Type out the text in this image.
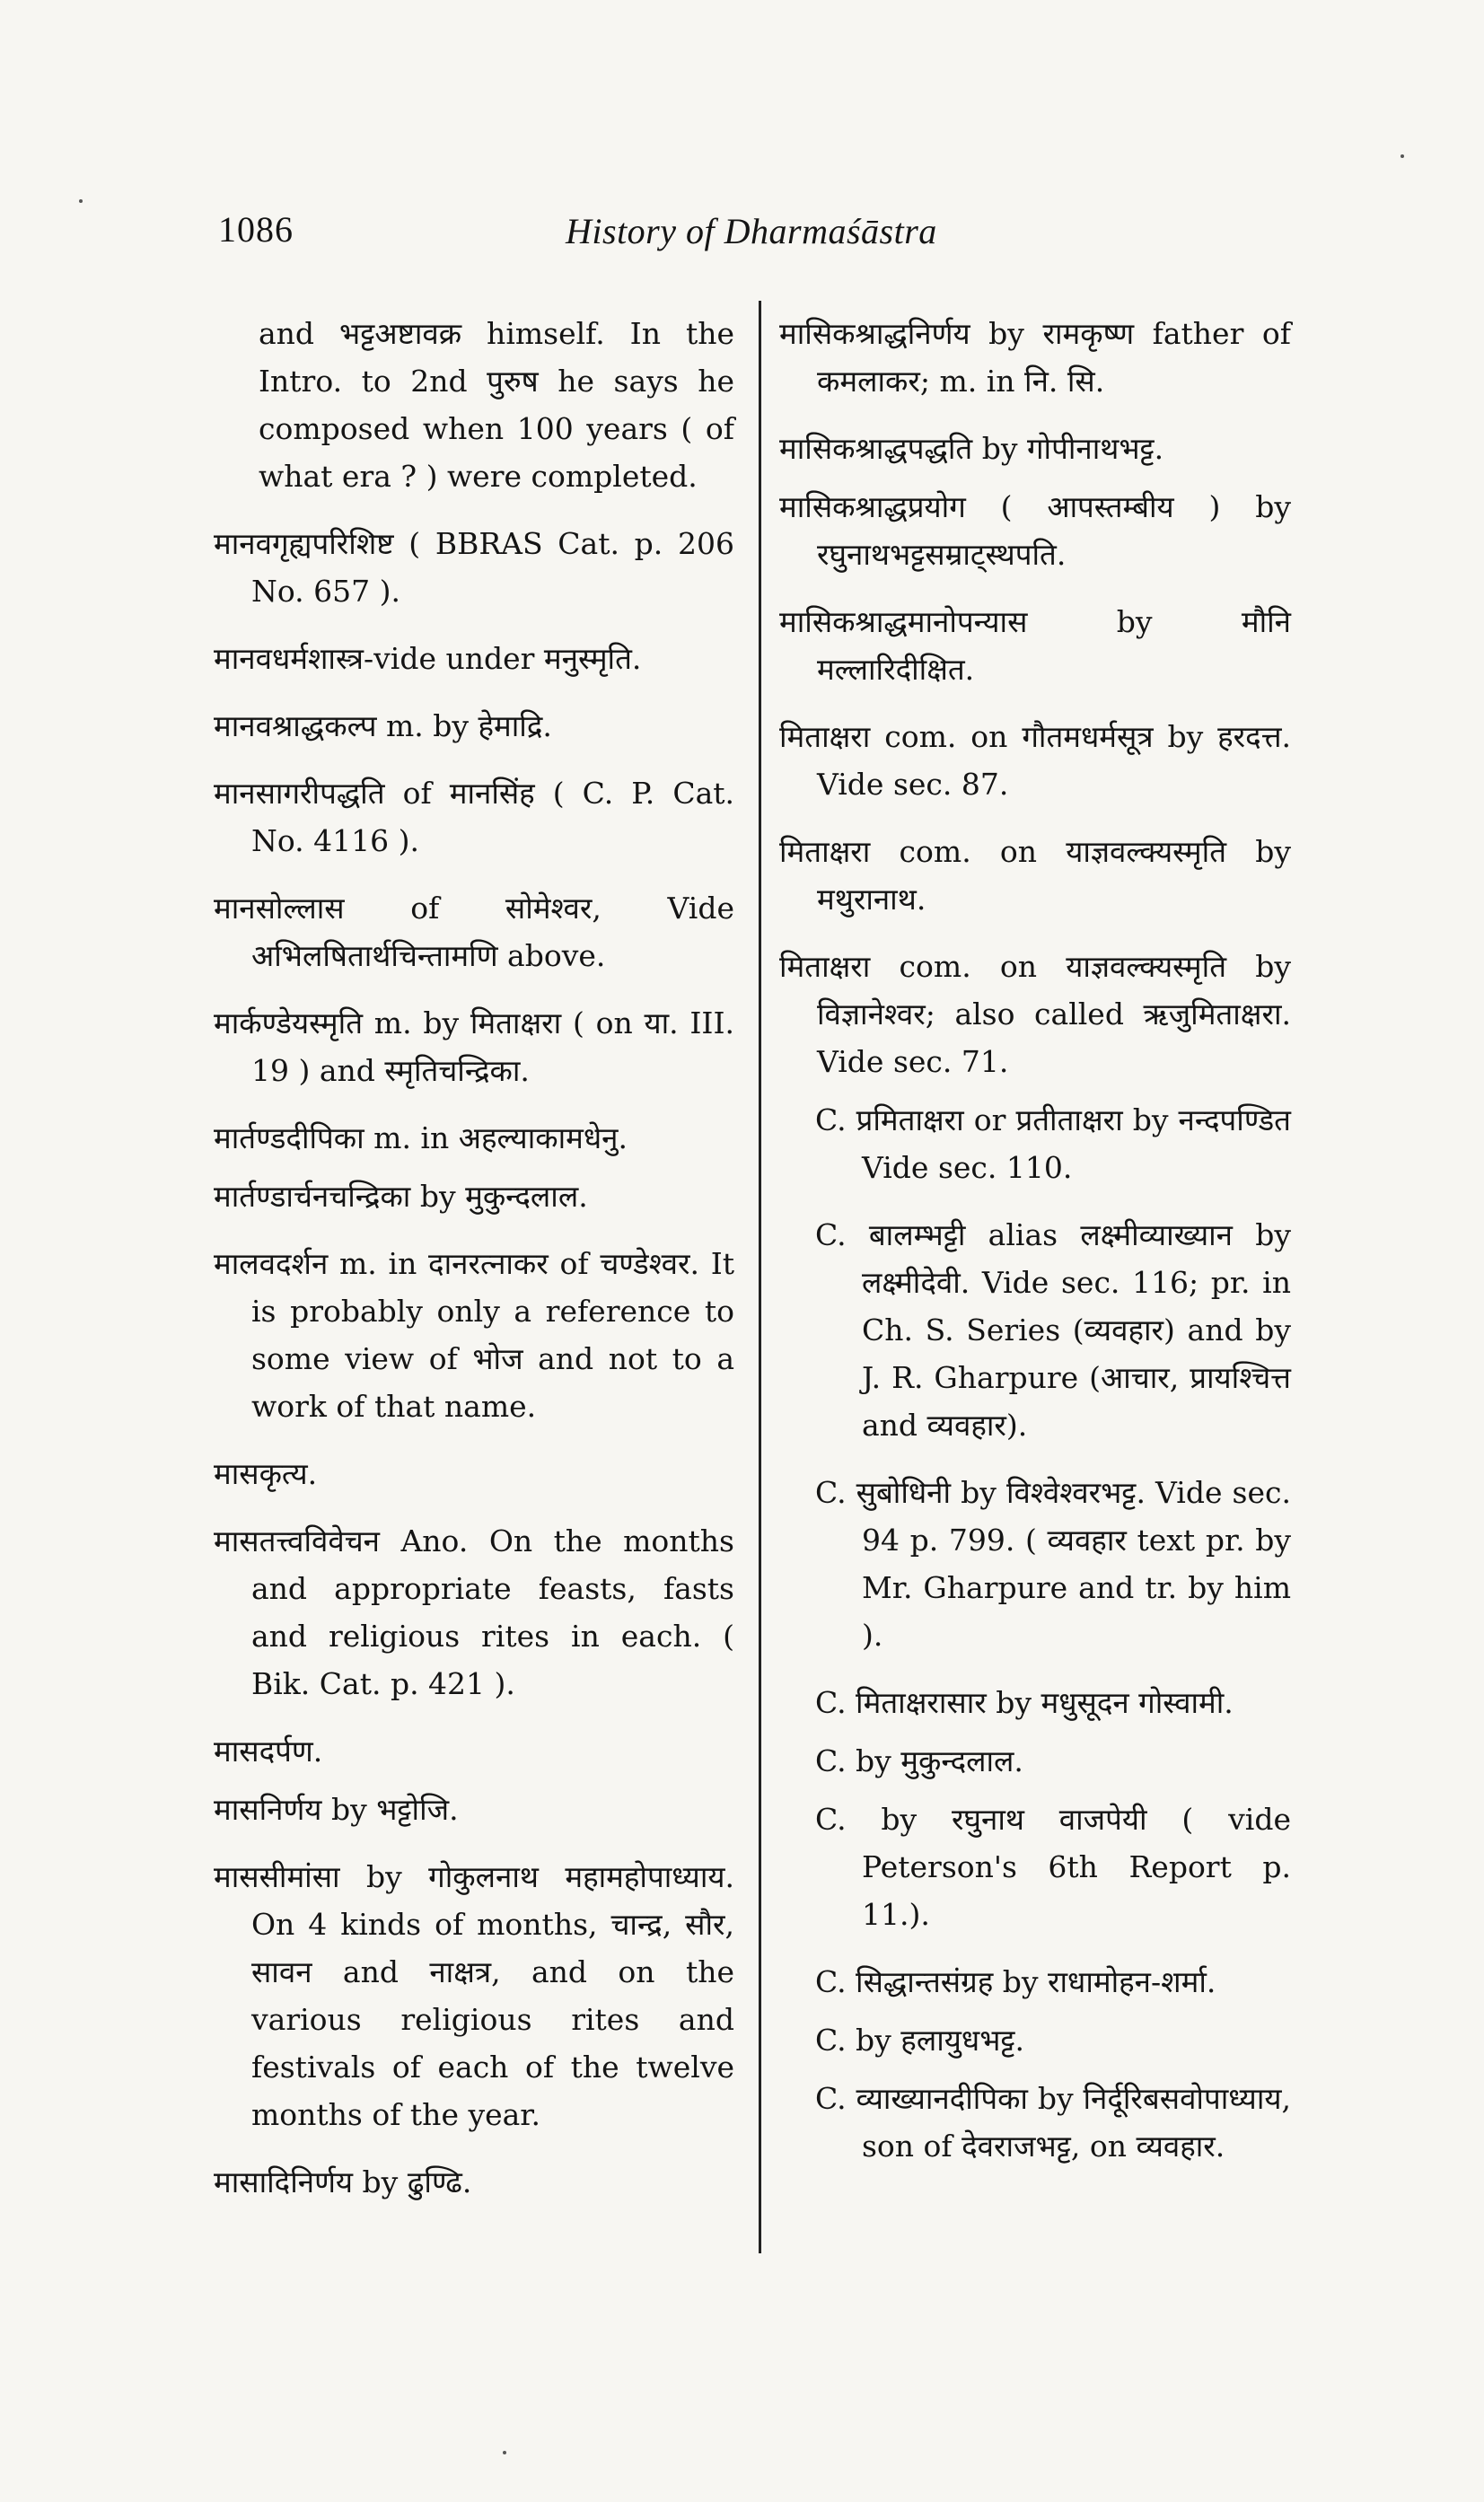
1086	History of Dharmaśāstra

and भट्टअष्टावक्र himself. In the Intro. to 2nd पुरुष he says he composed when 100 years ( of what era ? ) were completed.

मानवगृह्यपरिशिष्ट ( BBRAS Cat. p. 206 No. 657 ).

मानवधर्मशास्त्र-vide under मनुस्मृति.

मानवश्राद्धकल्प m. by हेमाद्रि.

मानसागरीपद्धति of मानसिंह ( C. P. Cat. No. 4116 ).

मानसोल्लास of सोमेश्वर, Vide अभिलषितार्थचिन्तामणि above.

मार्कण्डेयस्मृति m. by मिताक्षरा ( on या. III. 19 ) and स्मृतिचन्द्रिका.

मार्तण्डदीपिका m. in अहल्याकामधेनु.

मार्तण्डार्चनचन्द्रिका by मुकुन्दलाल.

मालवदर्शन m. in दानरत्नाकर of चण्डेश्वर. It is probably only a reference to some view of भोज and not to a work of that name.

मासकृत्य.

मासतत्त्वविवेचन Ano. On the months and appropriate feasts, fasts and religious rites in each. ( Bik. Cat. p. 421 ).

मासदर्पण.

मासनिर्णय by भट्टोजि.

माससीमांसा by गोकुलनाथ महामहोपाध्याय. On 4 kinds of months, चान्द्र, सौर, सावन and नाक्षत्र, and on the various religious rites and festivals of each of the twelve months of the year.

मासादिनिर्णय by ढुण्ढि.

मासिकश्राद्धनिर्णय by रामकृष्ण father of कमलाकर; m. in नि. सि.

मासिकश्राद्धपद्धति by गोपीनाथभट्ट.

मासिकश्राद्धप्रयोग ( आपस्तम्बीय ) by रघुनाथभट्टसम्राट्स्थपति.

मासिकश्राद्धमानोपन्यास by मौनि मल्लारिदीक्षित.

मिताक्षरा com. on गौतमधर्मसूत्र by हरदत्त. Vide sec. 87.

मिताक्षरा com. on याज्ञवल्क्यस्मृति by मथुरानाथ.

मिताक्षरा com. on याज्ञवल्क्यस्मृति by विज्ञानेश्वर; also called ऋजुमिताक्षरा. Vide sec. 71.

C. प्रमिताक्षरा or प्रतीताक्षरा by नन्दपण्डित Vide sec. 110.

C. बालम्भट्टी alias लक्ष्मीव्याख्यान by लक्ष्मीदेवी. Vide sec. 116; pr. in Ch. S. Series (व्यवहार) and by J. R. Gharpure (आचार, प्रायश्चित्त and व्यवहार).

C. सुबोधिनी by विश्वेश्वरभट्ट. Vide sec. 94 p. 799. ( व्यवहार text pr. by Mr. Gharpure and tr. by him ).

C. मिताक्षरासार by मधुसूदन गोस्वामी.

C. by मुकुन्दलाल.

C. by रघुनाथ वाजपेयी ( vide Peterson's 6th Report p. 11.).

C. सिद्धान्तसंग्रह by राधामोहन-शर्मा.

C. by हलायुधभट्ट.

C. व्याख्यानदीपिका by निर्दूरिबसवोपाध्याय, son of देवराजभट्ट, on व्यवहार.
